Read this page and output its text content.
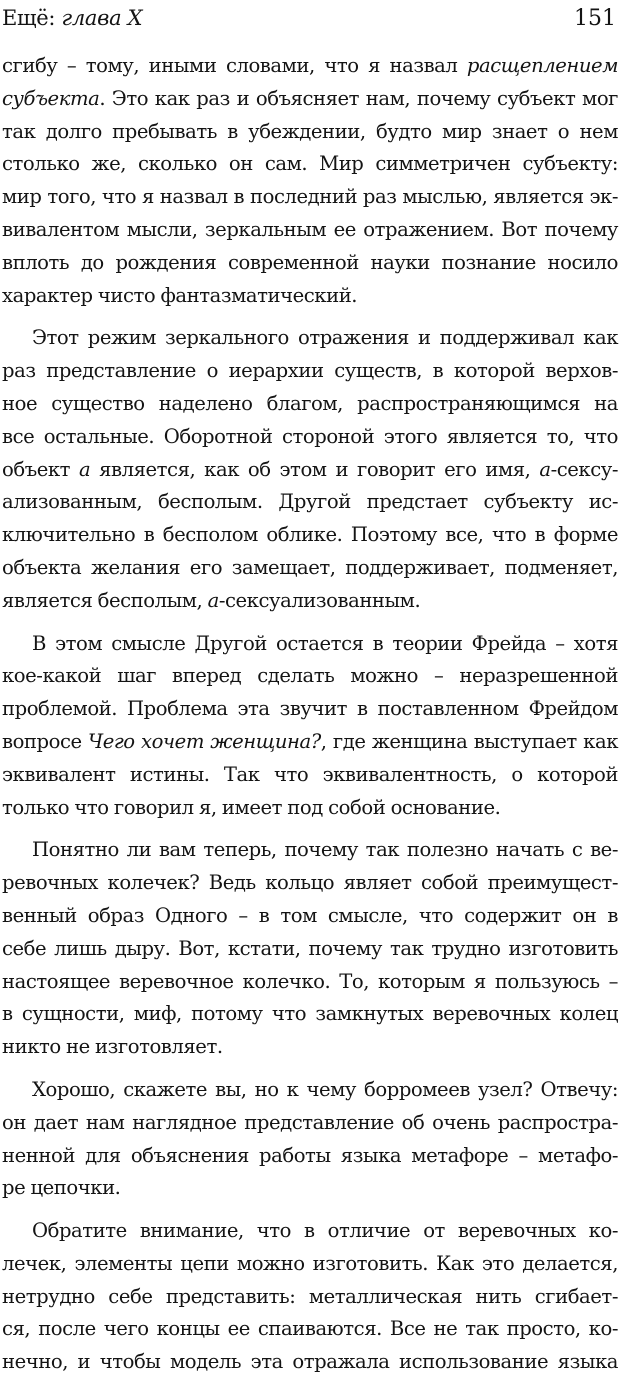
Ещё: глава X	151
сгибу – тому, иными словами, что я назвал расщеплением
субъекта. Это как раз и объясняет нам, почему субъект мог
так долго пребывать в убеждении, будто мир знает о нем
столько же, сколько он сам. Мир симметричен субъекту:
мир того, что я назвал в последний раз мыслью, является эк-
вивалентом мысли, зеркальным ее отражением. Вот почему
вплоть до рождения современной науки познание носило
характер чисто фантазматический.
Этот режим зеркального отражения и поддерживал как
раз представление о иерархии существ, в которой верхов-
ное существо наделено благом, распространяющимся на
все остальные. Оборотной стороной этого является то, что
объект а является, как об этом и говорит его имя, а-сексу-
ализованным, бесполым. Другой предстает субъекту ис-
ключительно в бесполом облике. Поэтому все, что в форме
объекта желания его замещает, поддерживает, подменяет,
является бесполым, а-сексуализованным.
В этом смысле Другой остается в теории Фрейда – хотя
кое-какой шаг вперед сделать можно – неразрешенной
проблемой. Проблема эта звучит в поставленном Фрейдом
вопросе Чего хочет женщина?, где женщина выступает как
эквивалент истины. Так что эквивалентность, о которой
только что говорил я, имеет под собой основание.
Понятно ли вам теперь, почему так полезно начать с ве-
ревочных колечек? Ведь кольцо являет собой преимущест-
венный образ Одного – в том смысле, что содержит он в
себе лишь дыру. Вот, кстати, почему так трудно изготовить
настоящее веревочное колечко. То, которым я пользуюсь –
в сущности, миф, потому что замкнутых веревочных колец
никто не изготовляет.
Хорошо, скажете вы, но к чему борромеев узел? Отвечу:
он дает нам наглядное представление об очень распростра-
ненной для объяснения работы языка метафоре – метафо-
ре цепочки.
Обратите внимание, что в отличие от веревочных ко-
лечек, элементы цепи можно изготовить. Как это делается,
нетрудно себе представить: металлическая нить сгибает-
ся, после чего концы ее спаиваются. Все не так просто, ко-
нечно, и чтобы модель эта отражала использование языка
